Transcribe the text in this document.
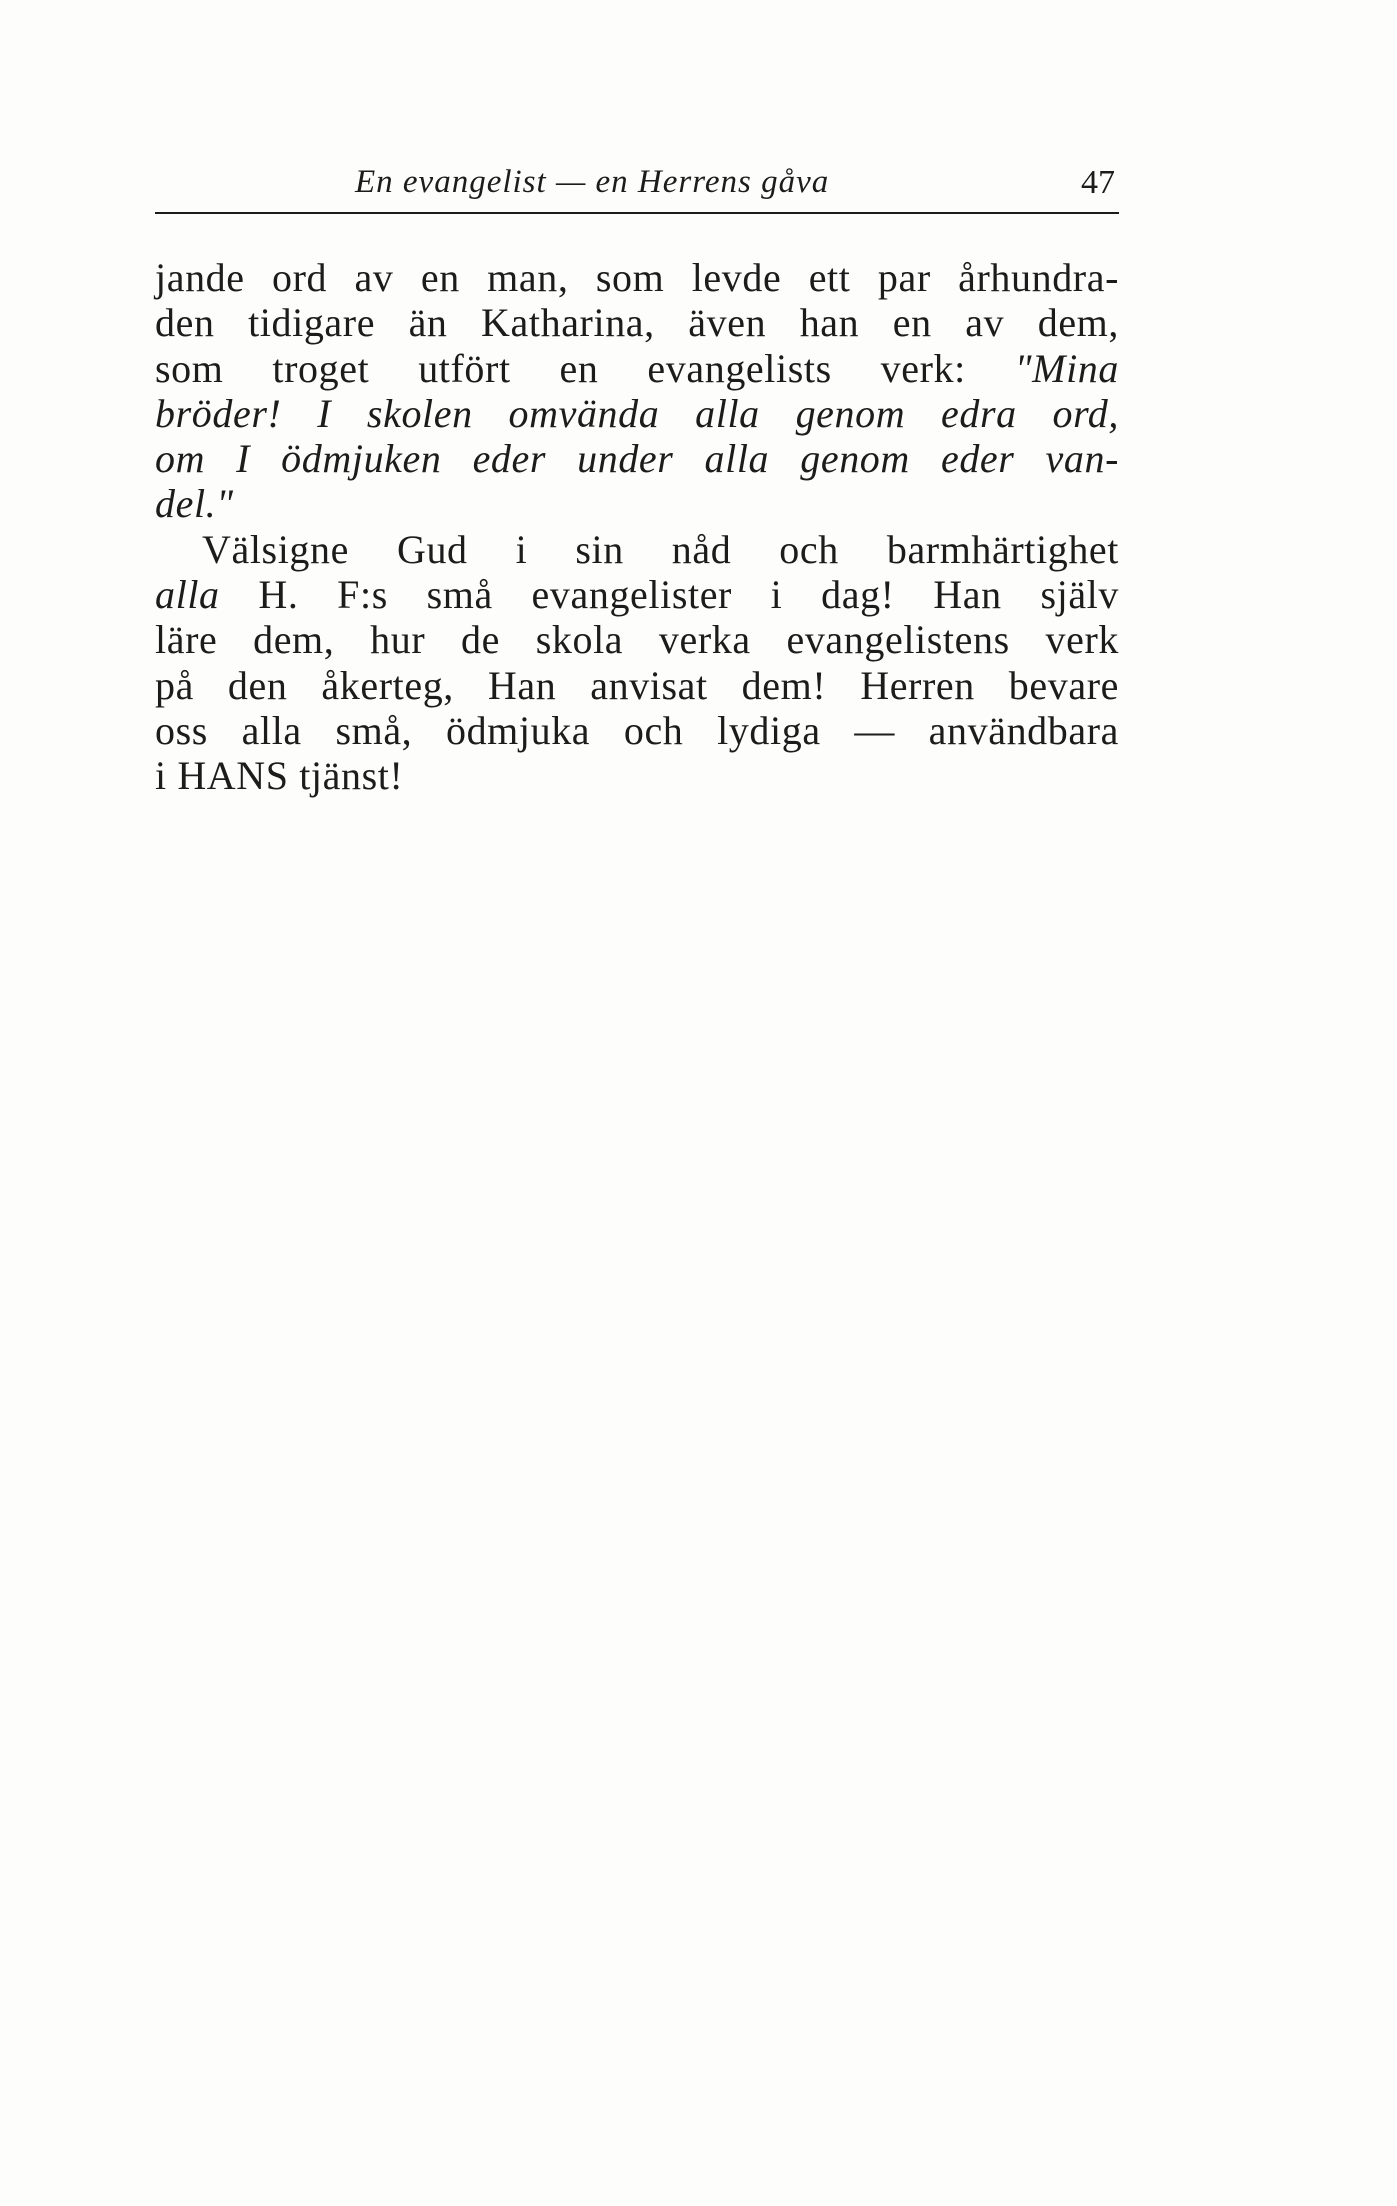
En evangelist — en Herrens gåva	47
jande ord av en man, som levde ett par århundra-
den tidigare än Katharina, även han en av dem,
som troget utfört en evangelists verk: "Mina
bröder! I skolen omvända alla genom edra ord,
om I ödmjuken eder under alla genom eder van-
del."
Välsigne Gud i sin nåd och barmhärtighet
alla H. F:s små evangelister i dag! Han själv
läre dem, hur de skola verka evangelistens verk
på den åkerteg, Han anvisat dem! Herren bevare
oss alla små, ödmjuka och lydiga — användbara
i HANS tjänst!
